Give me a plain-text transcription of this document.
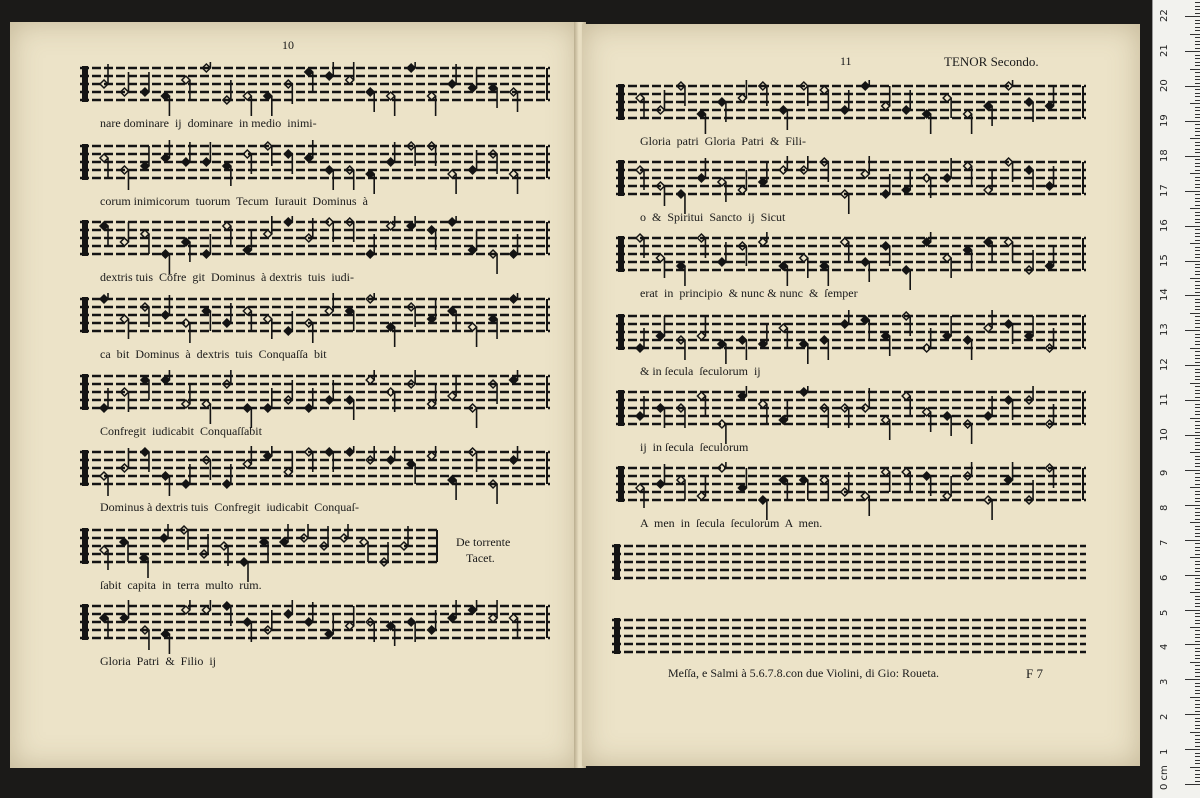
10
11	TENOR Secondo.
nare dominare  ij  dominare  in medio  inimi-
corum inimicorum  tuorum  Tecum  Iurauit  Dominus  à
dextris tuis  Cōfre  git  Dominus  à dextris  tuis  iudi-
ca  bit  Dominus  à  dextris  tuis  Conquaſſa  bit
Confregit  iudicabit  Conquaſſabit
Dominus à dextris tuis  Confregit  iudicabit  Conquaſ-
ſabit  capita  in  terra  multo  rum.
Gloria  Patri  &  Filio  ij
Gloria  patri  Gloria  Patri  &  Fili-
o  &  Spiritui  Sancto  ij  Sicut
erat  in  principio  & nunc & nunc  &  ſemper
& in ſecula  ſeculorum  ij
ij  in ſecula  ſeculorum
A  men  in  ſecula  ſeculorum  A  men.
De torrente
Tacet.
Meſſa, e Salmi à 5.6.7.8.con due Violini, di Gio: Roueta.	F 7
0 cm
1
2
3
4
5
6
7
8
9
10
11
12
13
14
15
16
17
18
19
20
21
22
